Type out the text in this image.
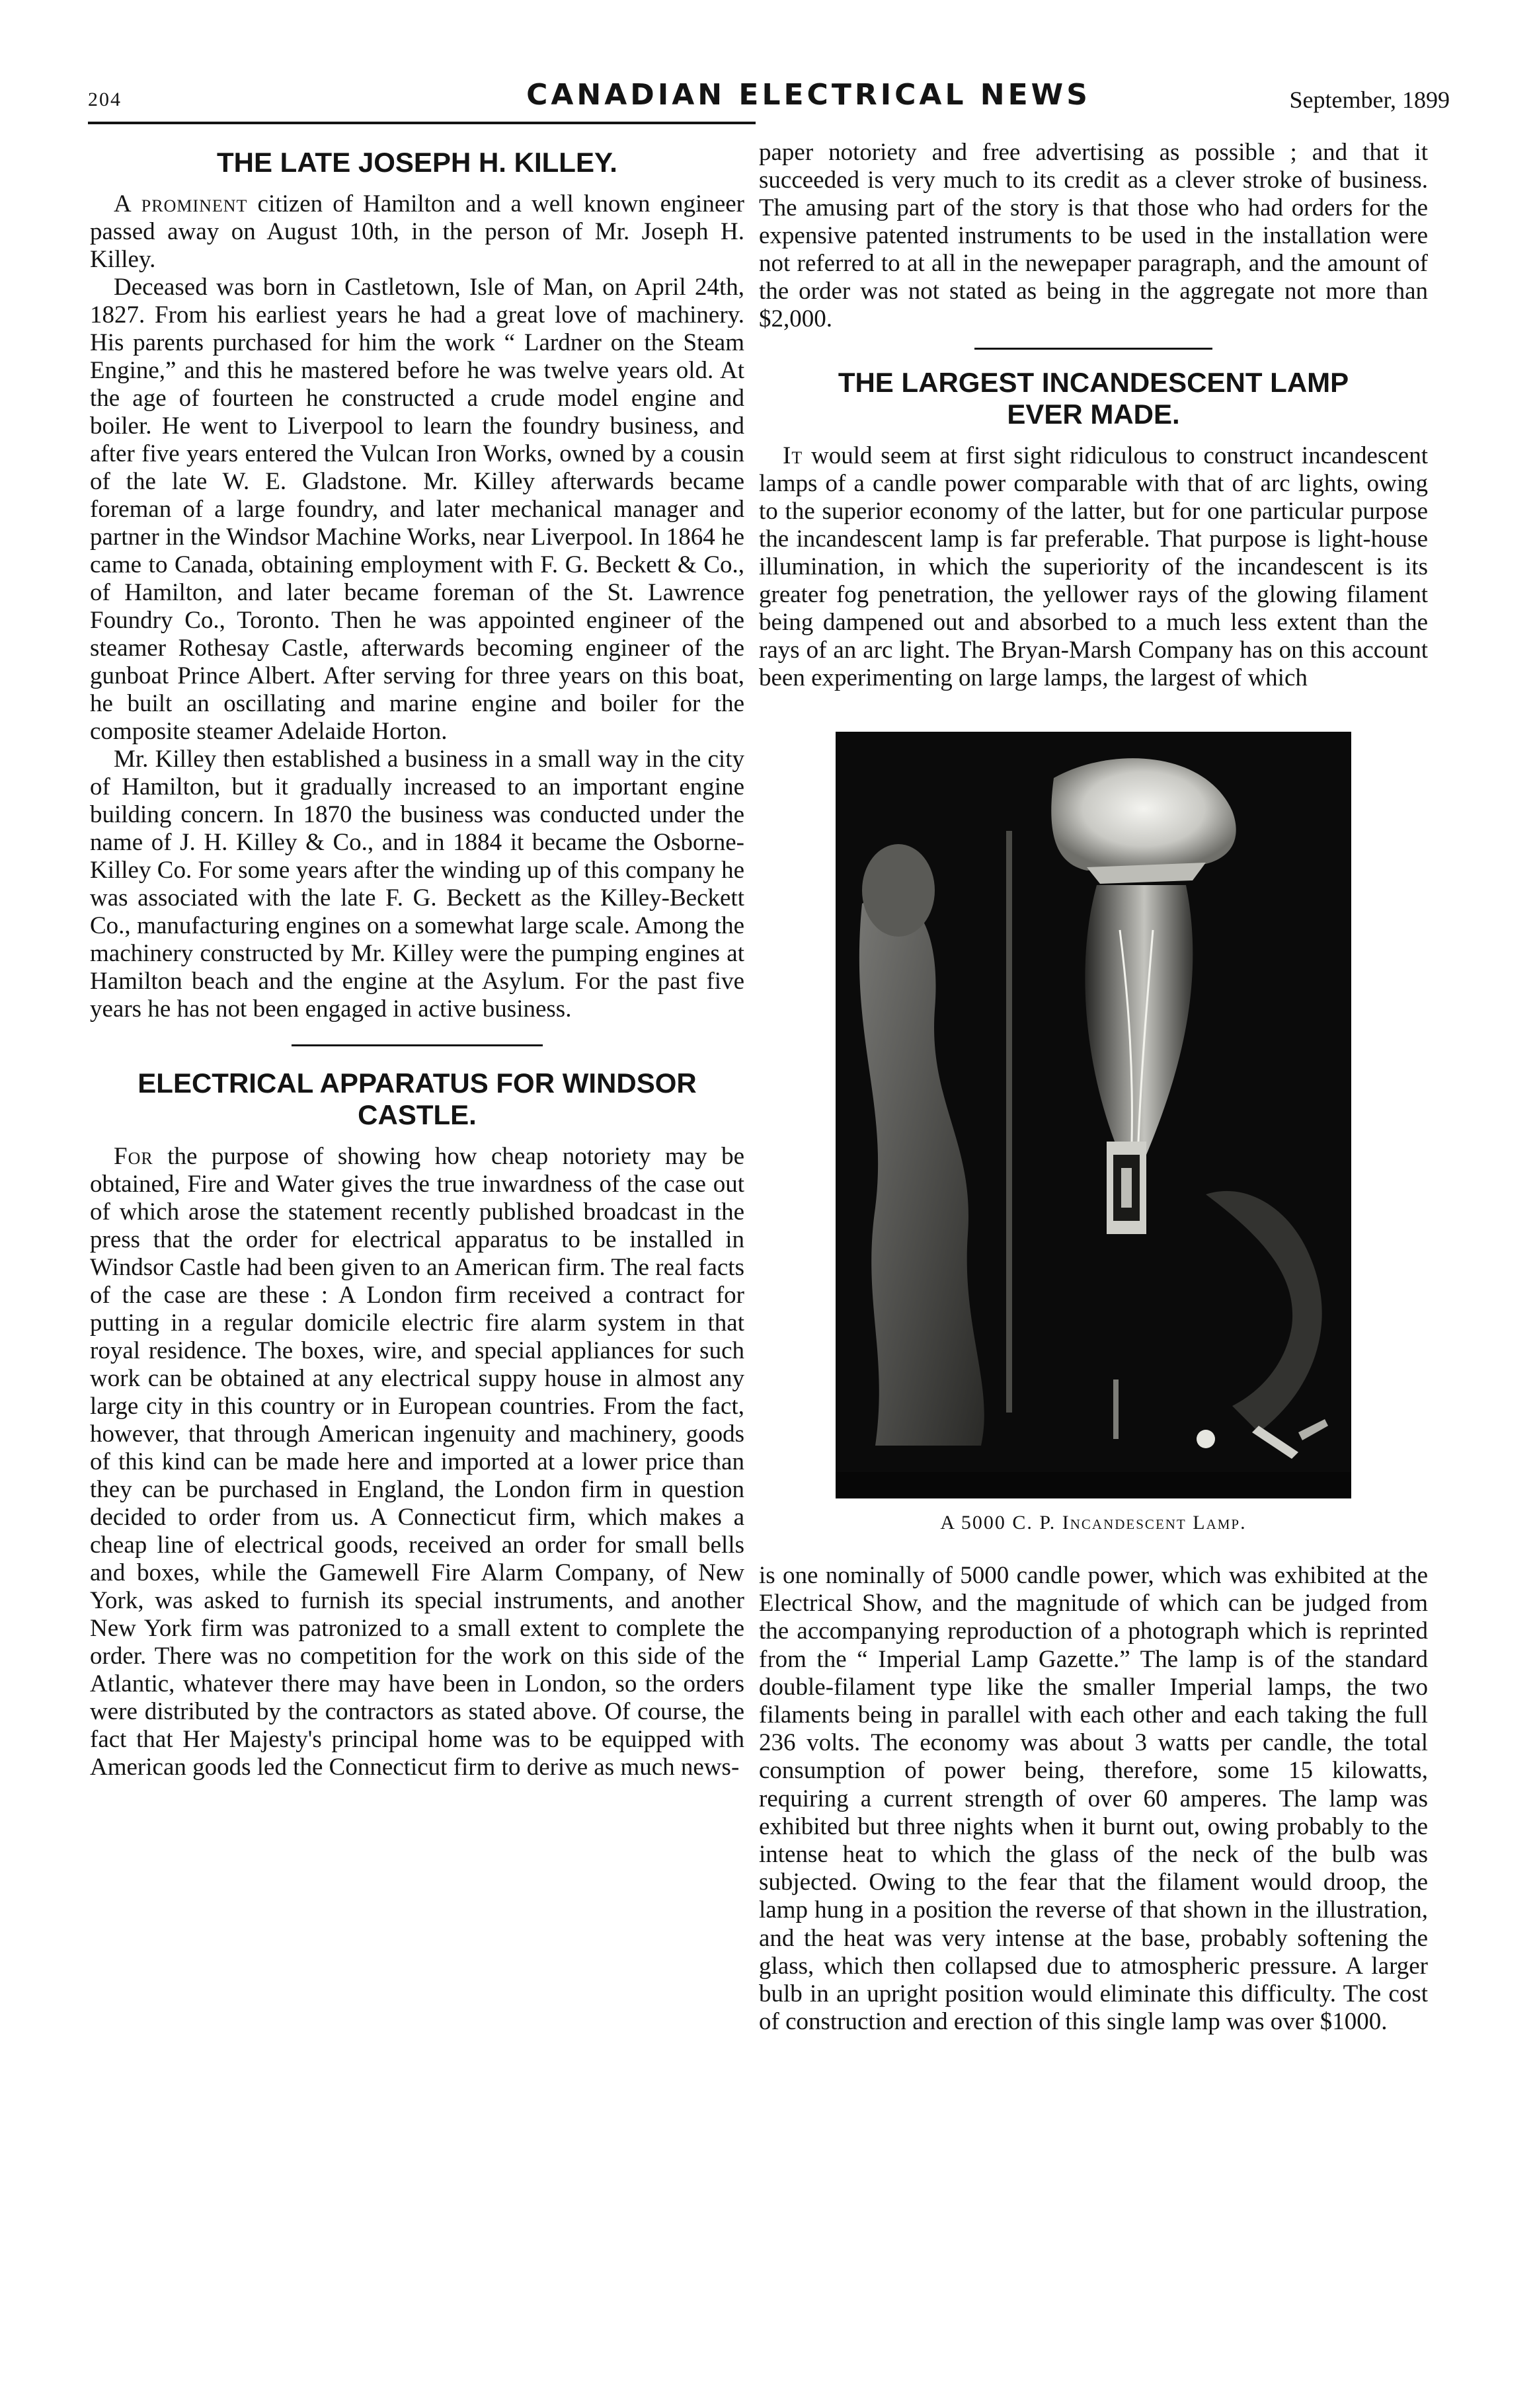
204	CANADIAN ELECTRICAL NEWS	September, 1899
THE LATE JOSEPH H. KILLEY.

A prominent citizen of Hamilton and a well known engineer passed away on August 10th, in the person of Mr. Joseph H. Killey.

Deceased was born in Castletown, Isle of Man, on April 24th, 1827. From his earliest years he had a great love of machinery. His parents purchased for him the work “ Lardner on the Steam Engine,” and this he mastered before he was twelve years old. At the age of fourteen he constructed a crude model engine and boiler. He went to Liverpool to learn the foundry business, and after five years entered the Vulcan Iron Works, owned by a cousin of the late W. E. Gladstone. Mr. Killey afterwards became foreman of a large foundry, and later mechanical manager and partner in the Windsor Machine Works, near Liverpool. In 1864 he came to Canada, obtaining employment with F. G. Beckett & Co., of Hamilton, and later became foreman of the St. Lawrence Foundry Co., Toronto. Then he was appointed engineer of the steamer Rothesay Castle, afterwards becoming engineer of the gunboat Prince Albert. After serving for three years on this boat, he built an oscillating and marine engine and boiler for the composite steamer Adelaide Horton.

Mr. Killey then established a business in a small way in the city of Hamilton, but it gradually increased to an important engine building concern. In 1870 the business was conducted under the name of J. H. Killey & Co., and in 1884 it became the Osborne-Killey Co. For some years after the winding up of this company he was associated with the late F. G. Beckett as the Killey-Beckett Co., manufacturing engines on a somewhat large scale. Among the machinery constructed by Mr. Killey were the pumping engines at Hamilton beach and the engine at the Asylum. For the past five years he has not been engaged in active business.

ELECTRICAL APPARATUS FOR WINDSOR CASTLE.

For the purpose of showing how cheap notoriety may be obtained, Fire and Water gives the true inwardness of the case out of which arose the statement recently published broadcast in the press that the order for electrical apparatus to be installed in Windsor Castle had been given to an American firm. The real facts of the case are these : A London firm received a contract for putting in a regular domicile electric fire alarm system in that royal residence. The boxes, wire, and special appliances for such work can be obtained at any electrical suppy house in almost any large city in this country or in European countries. From the fact, however, that through American ingenuity and machinery, goods of this kind can be made here and imported at a lower price than they can be purchased in England, the London firm in question decided to order from us. A Connecticut firm, which makes a cheap line of electrical goods, received an order for small bells and boxes, while the Gamewell Fire Alarm Company, of New York, was asked to furnish its special instruments, and another New York firm was patronized to a small extent to complete the order. There was no competition for the work on this side of the Atlantic, whatever there may have been in London, so the orders were distributed by the contractors as stated above. Of course, the fact that Her Majesty's principal home was to be equipped with American goods led the Connecticut firm to derive as much news-

paper notoriety and free advertising as possible ; and that it succeeded is very much to its credit as a clever stroke of business. The amusing part of the story is that those who had orders for the expensive patented instruments to be used in the installation were not referred to at all in the newepaper paragraph, and the amount of the order was not stated as being in the aggregate not more than $2,000.

THE LARGEST INCANDESCENT LAMP
EVER MADE.

It would seem at first sight ridiculous to construct incandescent lamps of a candle power comparable with that of arc lights, owing to the superior economy of the latter, but for one particular purpose the incandescent lamp is far preferable. That purpose is light-house illumination, in which the superiority of the incandescent is its greater fog penetration, the yellower rays of the glowing filament being dampened out and absorbed to a much less extent than the rays of an arc light. The Bryan-Marsh Company has on this account been experimenting on large lamps, the largest of which

A 5000 C. P. Incandescent Lamp.

is one nominally of 5000 candle power, which was exhibited at the Electrical Show, and the magnitude of which can be judged from the accompanying reproduction of a photograph which is reprinted from the “ Imperial Lamp Gazette.” The lamp is of the standard double-filament type like the smaller Imperial lamps, the two filaments being in parallel with each other and each taking the full 236 volts. The economy was about 3 watts per candle, the total consumption of power being, therefore, some 15 kilowatts, requiring a current strength of over 60 amperes. The lamp was exhibited but three nights when it burnt out, owing probably to the intense heat to which the glass of the neck of the bulb was subjected. Owing to the fear that the filament would droop, the lamp hung in a position the reverse of that shown in the illustration, and the heat was very intense at the base, probably softening the glass, which then collapsed due to atmospheric pressure. A larger bulb in an upright position would eliminate this difficulty. The cost of construction and erection of this single lamp was over $1000.
